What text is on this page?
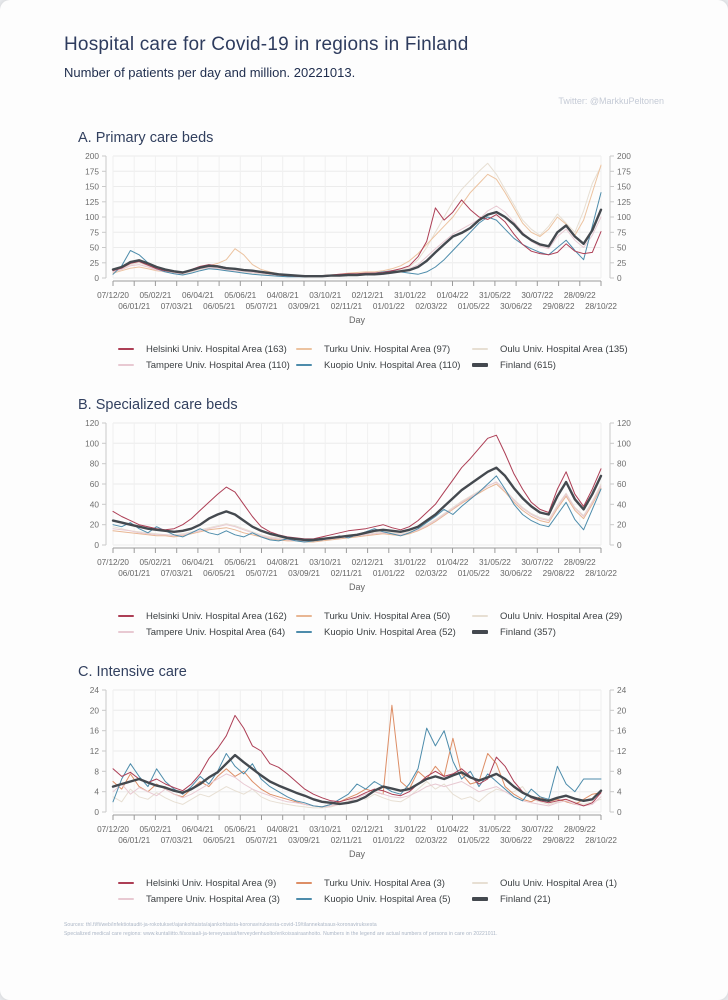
Hospital care for Covid-19 in regions in Finland
Number of patients per day and million. 20221013.
Twitter: @MarkkuPeltonen
A. Primary care beds
0
25
50
75
100
125
150
175
200
0
25
50
75
100
125
150
175
200
07/12/20
06/01/21
05/02/21
07/03/21
06/04/21
06/05/21
05/06/21
05/07/21
04/08/21
03/09/21
03/10/21
02/11/21
02/12/21
01/01/22
31/01/22
02/03/22
01/04/22
01/05/22
31/05/22
30/06/22
30/07/22
29/08/22
28/09/22
28/10/22
Day
Helsinki Univ. Hospital Area (163)
Tampere Univ. Hospital Area (110)
Turku Univ. Hospital Area (97)
Kuopio Univ. Hospital Area (110)
Oulu Univ. Hospital Area (135)
Finland (615)
B. Specialized care beds
0
20
40
60
80
100
120
0
20
40
60
80
100
120
07/12/20
06/01/21
05/02/21
07/03/21
06/04/21
06/05/21
05/06/21
05/07/21
04/08/21
03/09/21
03/10/21
02/11/21
02/12/21
01/01/22
31/01/22
02/03/22
01/04/22
01/05/22
31/05/22
30/06/22
30/07/22
29/08/22
28/09/22
28/10/22
Day
Helsinki Univ. Hospital Area (162)
Tampere Univ. Hospital Area (64)
Turku Univ. Hospital Area (50)
Kuopio Univ. Hospital Area (52)
Oulu Univ. Hospital Area (29)
Finland (357)
C. Intensive care
0
4
8
12
16
20
24
0
4
8
12
16
20
24
07/12/20
06/01/21
05/02/21
07/03/21
06/04/21
06/05/21
05/06/21
05/07/21
04/08/21
03/09/21
03/10/21
02/11/21
02/12/21
01/01/22
31/01/22
02/03/22
01/04/22
01/05/22
31/05/22
30/06/22
30/07/22
29/08/22
28/09/22
28/10/22
Day
Helsinki Univ. Hospital Area (9)
Tampere Univ. Hospital Area (3)
Turku Univ. Hospital Area (3)
Kuopio Univ. Hospital Area (5)
Oulu Univ. Hospital Area (1)
Finland (21)
Sources: thl.fi/fi/web/infektiotaudit-ja-rokotukset/ajankohtaista/ajankohtaista-koronaviruksesta-covid-19/tilannekatsaus-koronaviruksesta
Specialized medical care regions: www.kuntaliitto.fi/sosiaali-ja-terveysasiat/terveydenhuolto/erikoissairaanhoito. Numbers in the legend are actual numbers of persons in care on 20221011.
